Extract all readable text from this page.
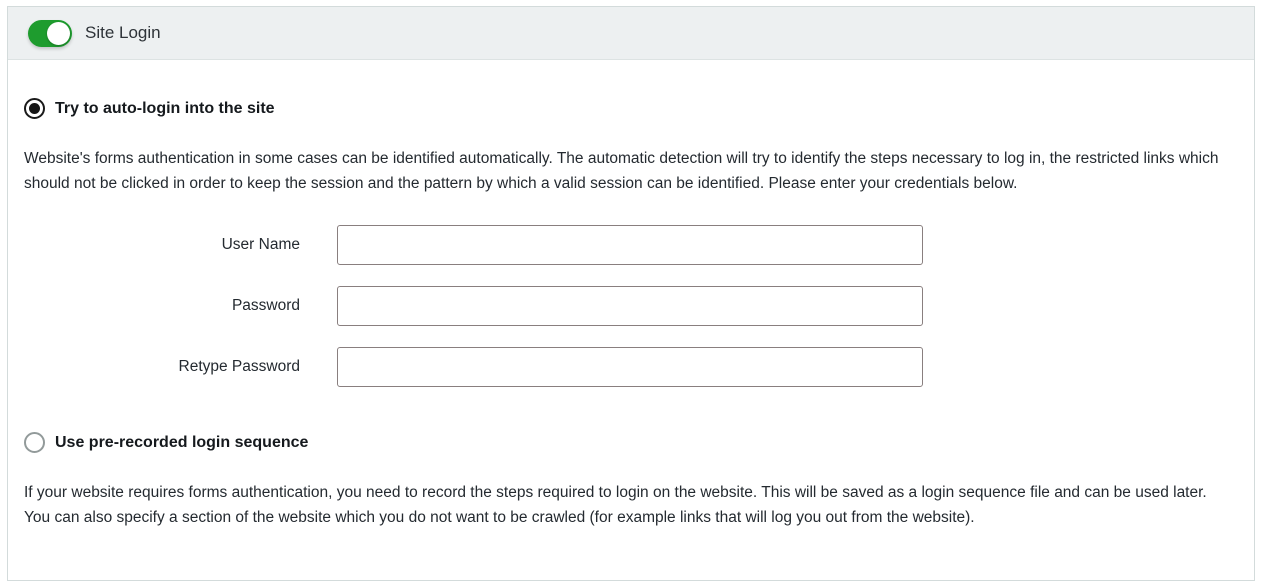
Site Login
Try to auto-login into the site

Website's forms authentication in some cases can be identified automatically. The automatic detection will try to identify the steps necessary to log in, the restricted links which should not be clicked in order to keep the session and the pattern by which a valid session can be identified. Please enter your credentials below.

User Name
Password
Retype Password
Use pre-recorded login sequence

If your website requires forms authentication, you need to record the steps required to login on the website. This will be saved as a login sequence file and can be used later. You can also specify a section of the website which you do not want to be crawled (for example links that will log you out from the website).
